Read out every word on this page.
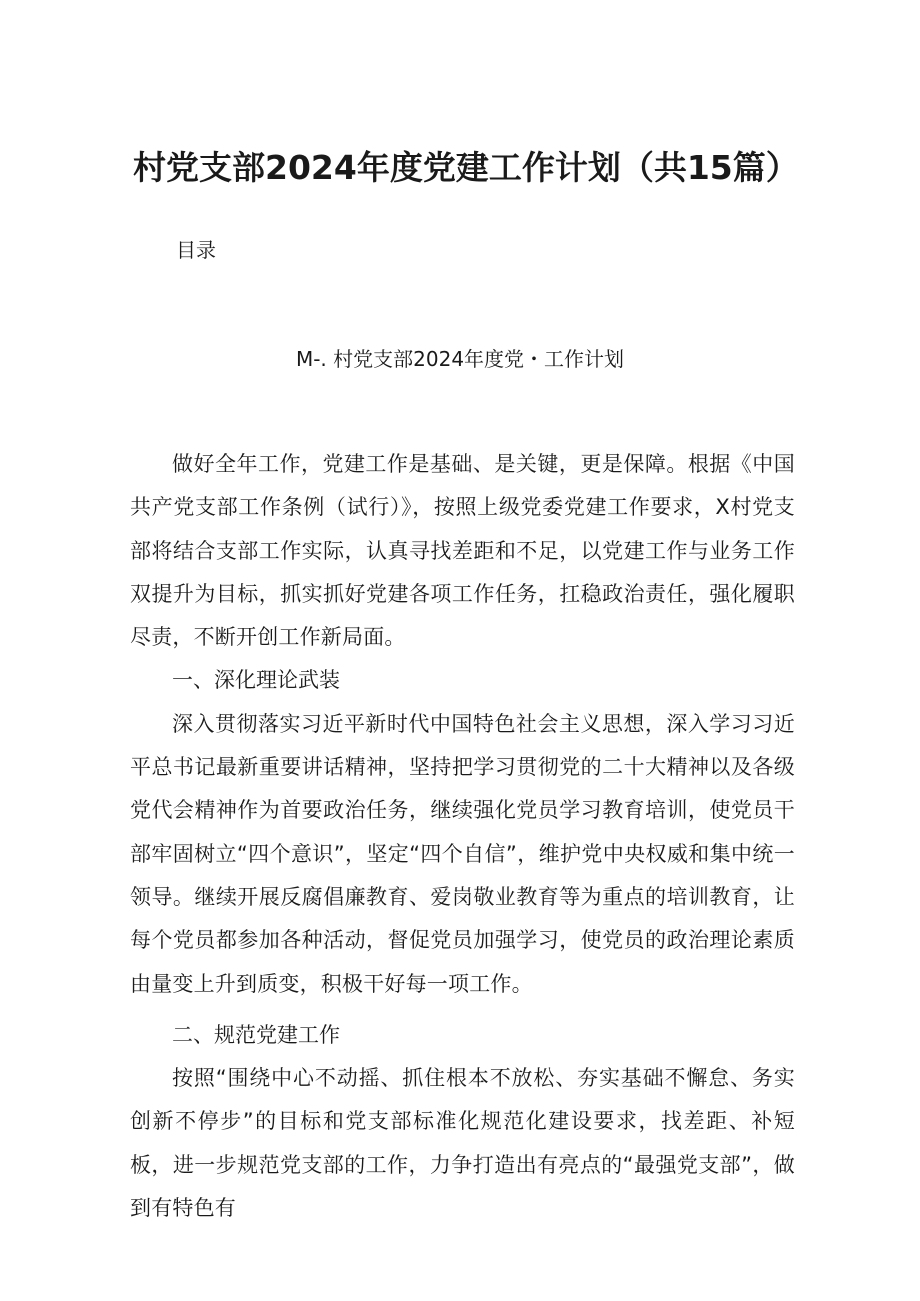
村党支部2024年度党建工作计划（共15篇）

目录

M-. 村党支部2024年度党・工作计划

做好全年工作，党建工作是基础、是关键，更是保障。根据《中国共产党支部工作条例（试行）》，按照上级党委党建工作要求，X村党支部将结合支部工作实际，认真寻找差距和不足，以党建工作与业务工作双提升为目标，抓实抓好党建各项工作任务，扛稳政治责任，强化履职尽责，不断开创工作新局面。

一、深化理论武装

深入贯彻落实习近平新时代中国特色社会主义思想，深入学习习近平总书记最新重要讲话精神，坚持把学习贯彻党的二十大精神以及各级党代会精神作为首要政治任务，继续强化党员学习教育培训，使党员干部牢固树立“四个意识”，坚定“四个自信”，维护党中央权威和集中统一领导。继续开展反腐倡廉教育、爱岗敬业教育等为重点的培训教育，让每个党员都参加各种活动，督促党员加强学习，使党员的政治理论素质由量变上升到质变，积极干好每一项工作。

二、规范党建工作

按照“围绕中心不动摇、抓住根本不放松、夯实基础不懈怠、务实创新不停步”的目标和党支部标准化规范化建设要求，找差距、补短板，进一步规范党支部的工作，力争打造出有亮点的“最强党支部”，做到有特色有
